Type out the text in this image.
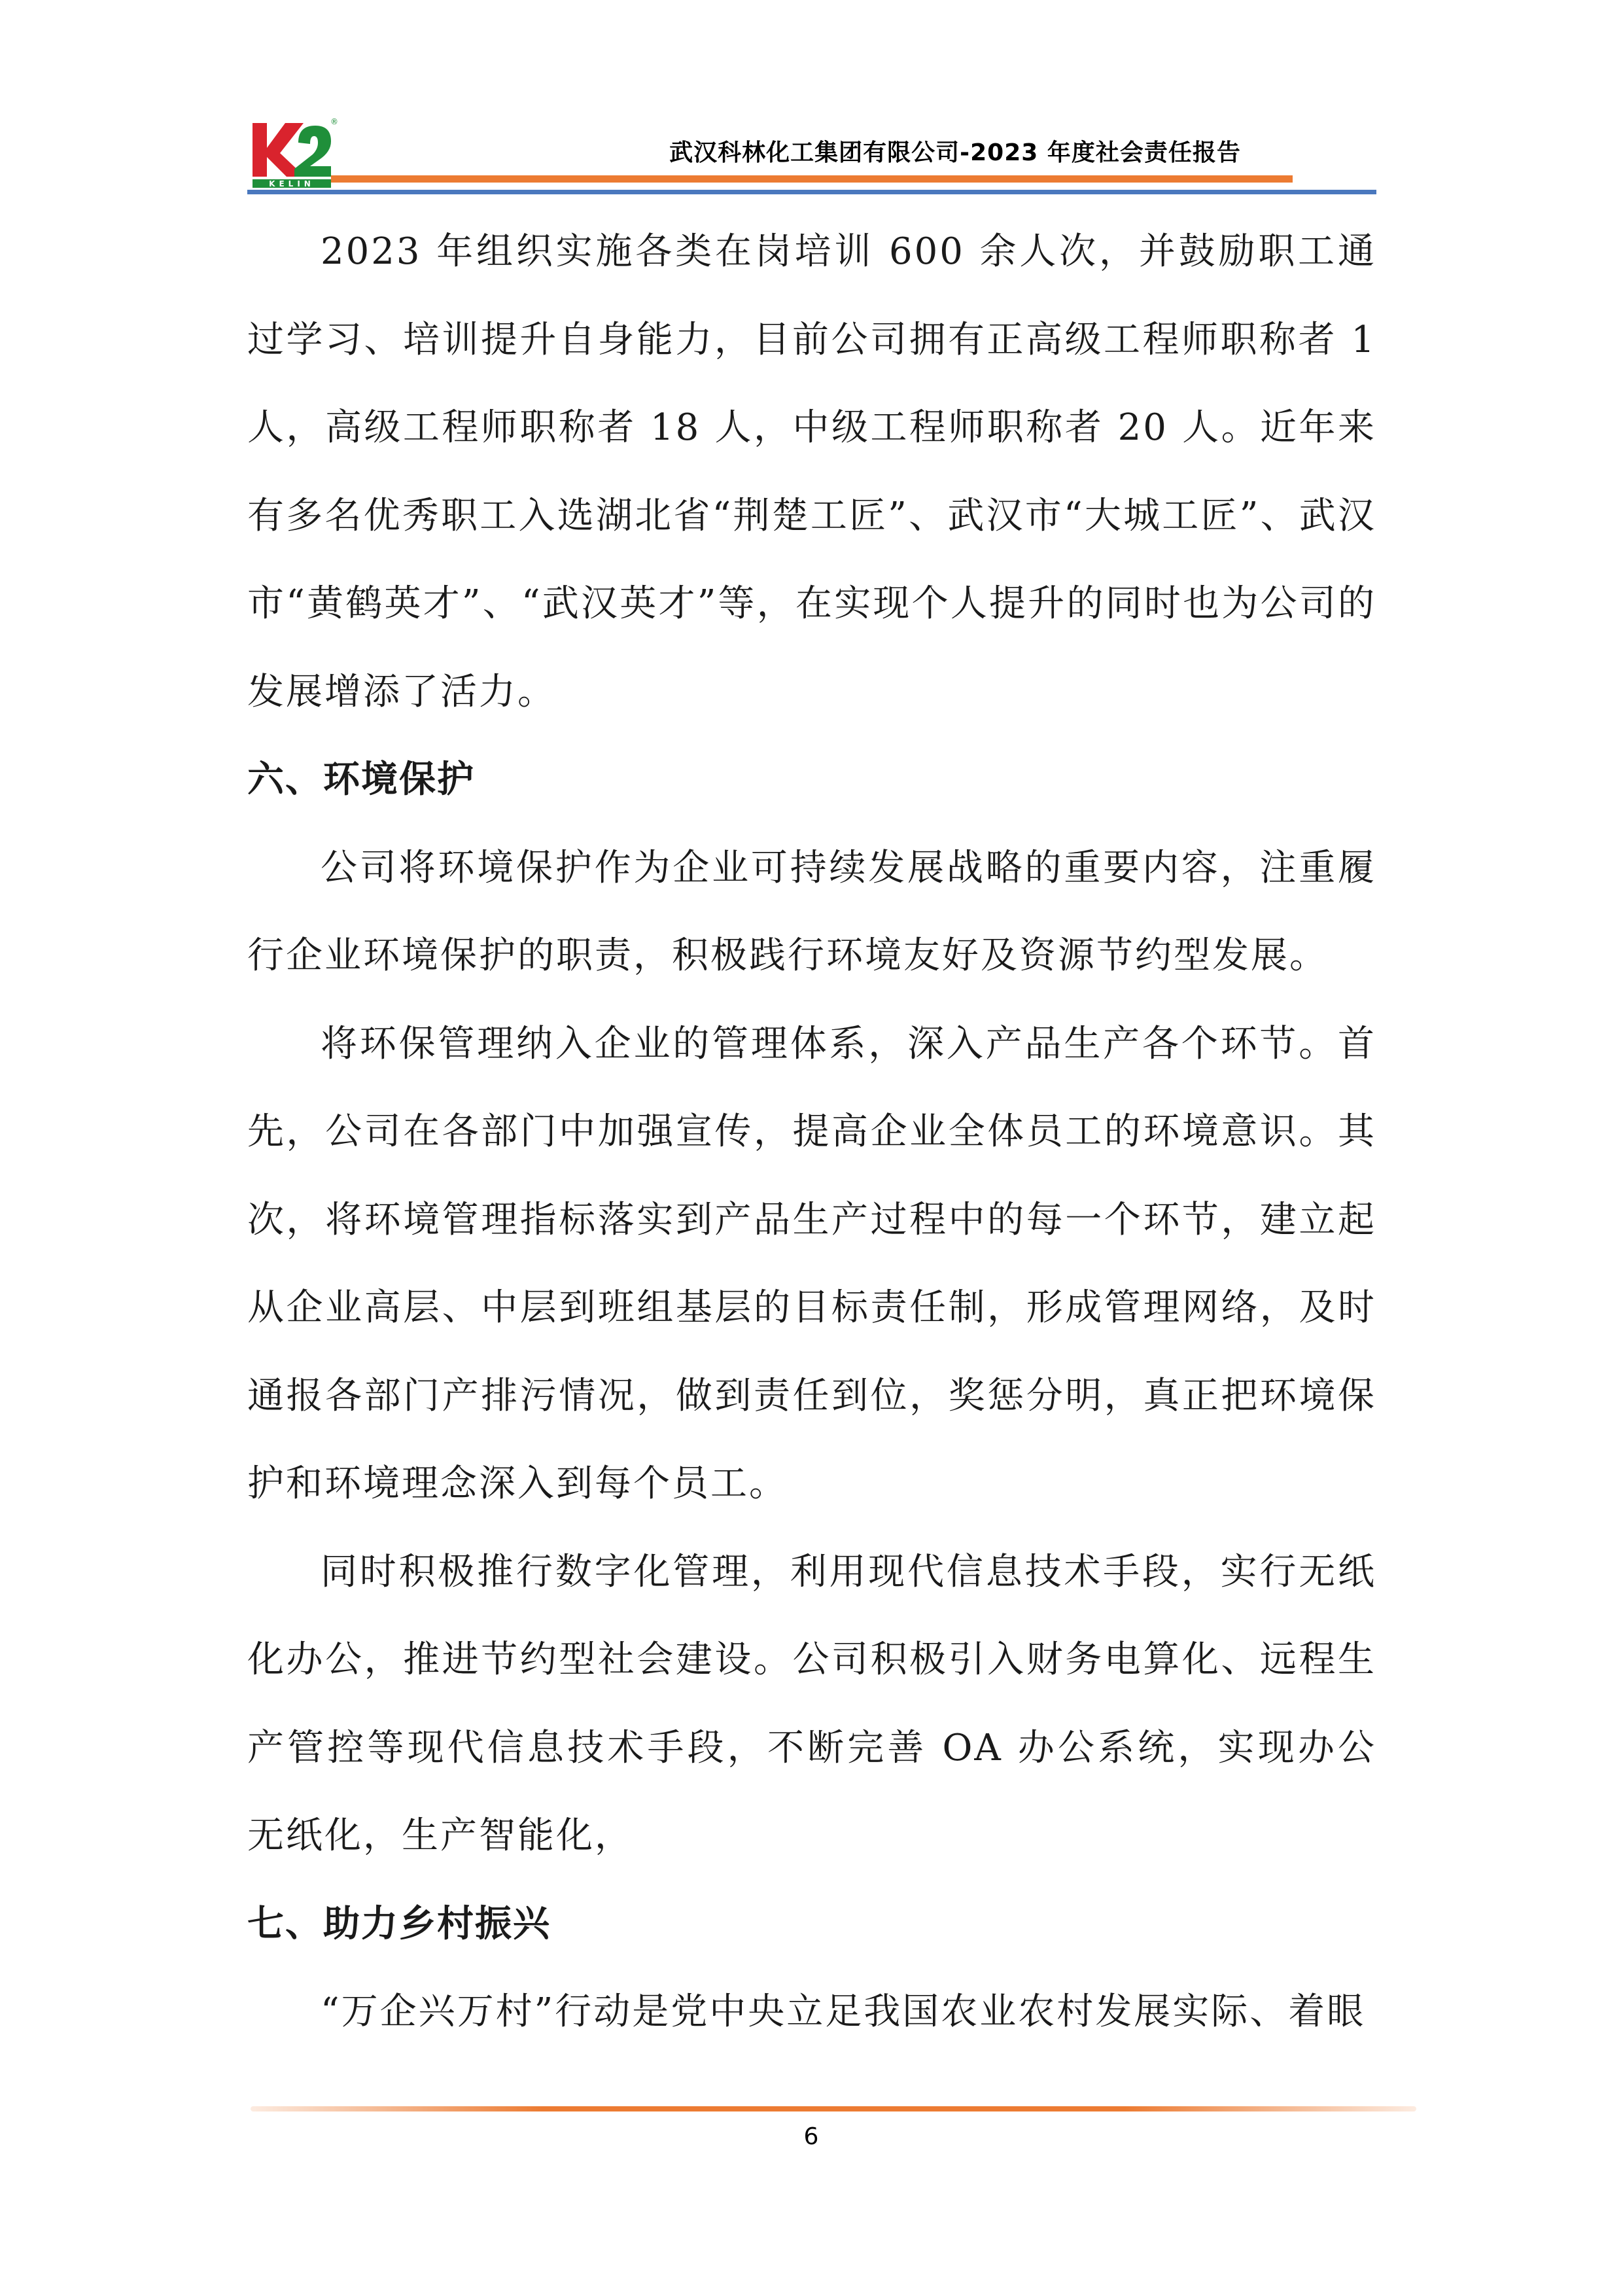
®
KELIN
武汉科林化工集团有限公司-2023 年度社会责任报告

2023 年组织实施各类在岗培训 600 余人次，并鼓励职工通过学习、培训提升自身能力，目前公司拥有正高级工程师职称者 1 人，高级工程师职称者 18 人，中级工程师职称者 20 人。近年来有多名优秀职工入选湖北省“荆楚工匠”、武汉市“大城工匠”、武汉市“黄鹤英才”、“武汉英才”等，在实现个人提升的同时也为公司的发展增添了活力。

六、环境保护

公司将环境保护作为企业可持续发展战略的重要内容，注重履行企业环境保护的职责，积极践行环境友好及资源节约型发展。

将环保管理纳入企业的管理体系，深入产品生产各个环节。首先，公司在各部门中加强宣传，提高企业全体员工的环境意识。其次，将环境管理指标落实到产品生产过程中的每一个环节，建立起从企业高层、中层到班组基层的目标责任制，形成管理网络，及时通报各部门产排污情况，做到责任到位，奖惩分明，真正把环境保护和环境理念深入到每个员工。

同时积极推行数字化管理，利用现代信息技术手段，实行无纸化办公，推进节约型社会建设。公司积极引入财务电算化、远程生产管控等现代信息技术手段，不断完善 OA 办公系统，实现办公无纸化，生产智能化，

七、助力乡村振兴

“万企兴万村”行动是党中央立足我国农业农村发展实际、着眼

6
